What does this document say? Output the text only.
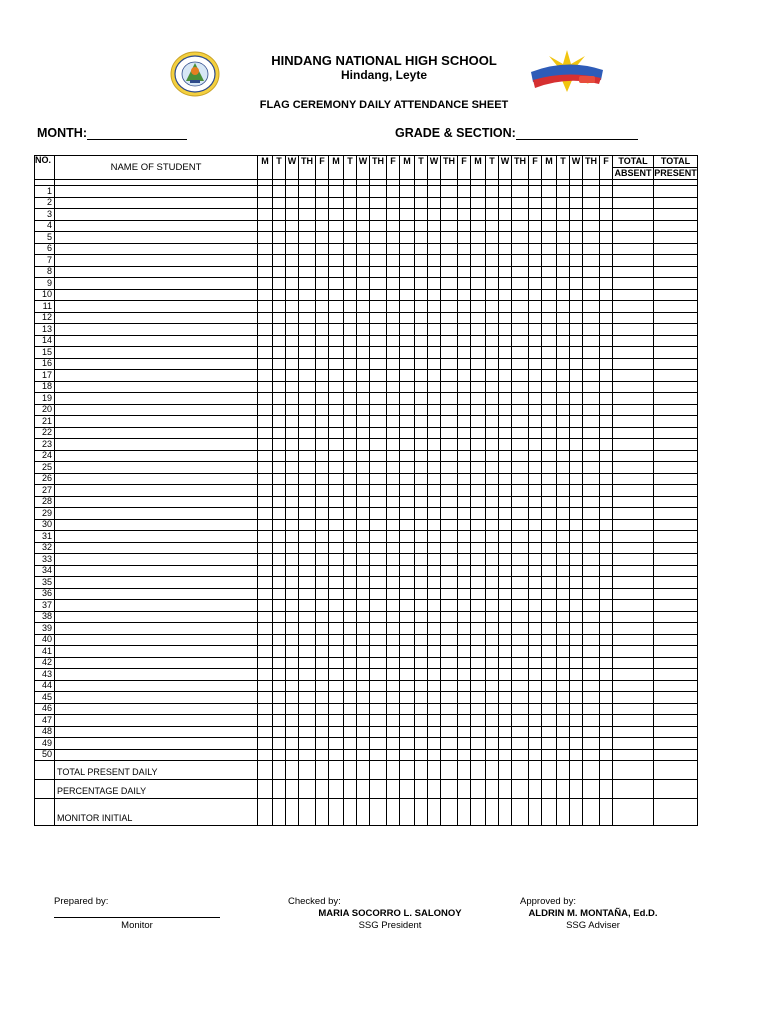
HINDANG NATIONAL HIGH SCHOOL
Hindang, Leyte
FLAG CEREMONY DAILY ATTENDANCE SHEET
MONTH:	GRADE & SECTION:
NO.	NAME OF STUDENT	M	T	W	TH	F	M	T	W	TH	F	M	T	W	TH	F	M	T	W	TH	F	M	T	W	TH	F	TOTAL	TOTAL
																											ABSENT	PRESENT

1																												
2																												
3																												
4																												
5																												
6																												
7																												
8																												
9																												
10																												
11																												
12																												
13																												
14																												
15																												
16																												
17																												
18																												
19																												
20																												
21																												
22																												
23																												
24																												
25																												
26																												
27																												
28																												
29																												
30																												
31																												
32																												
33																												
34																												
35																												
36																												
37																												
38																												
39																												
40																												
41																												
42																												
43																												
44																												
45																												
46																												
47																												
48																												
49																												
50																												
	TOTAL PRESENT DAILY																											
	PERCENTAGE DAILY																											
	MONITOR INITIAL																											
Prepared by:
Monitor
Checked by:
MARIA SOCORRO L. SALONOY
SSG President
Approved by:
ALDRIN M. MONTAÑA, Ed.D.
SSG Adviser
